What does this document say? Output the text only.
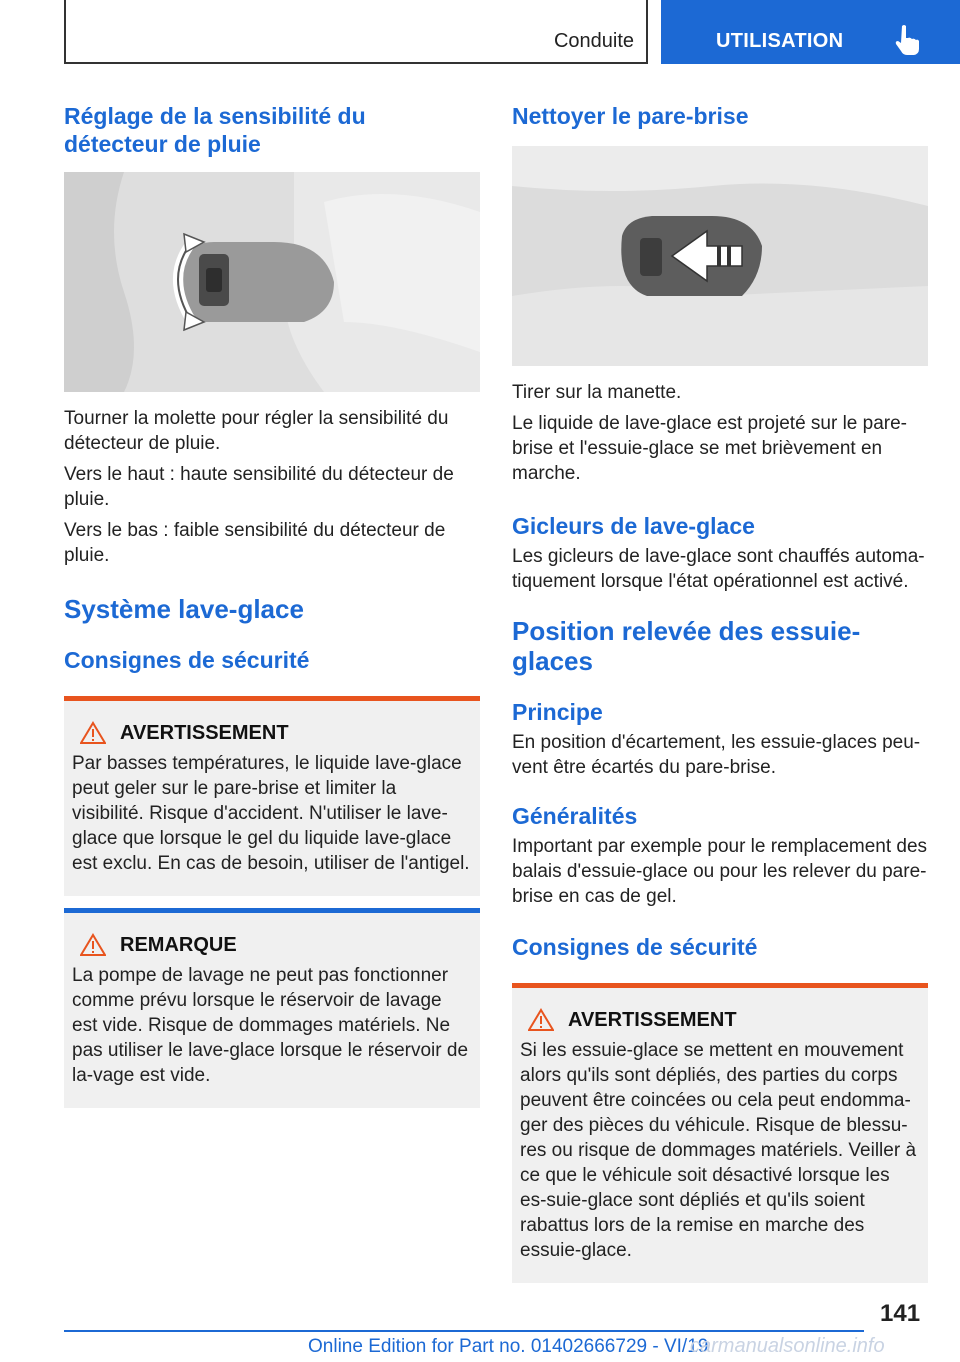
Conduite	UTILISATION
Réglage de la sensibilité du détecteur de pluie

Tourner la molette pour régler la sensibilité du détecteur de pluie.

Vers le haut : haute sensibilité du détecteur de pluie.

Vers le bas : faible sensibilité du détecteur de pluie.

Système lave-glace
Consignes de sécurité
AVERTISSEMENT

Par basses températures, le liquide lave-glace peut geler sur le pare-brise et limiter la visibilité. Risque d'accident. N'utiliser le lave-glace que lorsque le gel du liquide lave-glace est exclu. En cas de besoin, utiliser de l'antigel.

REMARQUE

La pompe de lavage ne peut pas fonctionner comme prévu lorsque le réservoir de lavage est vide. Risque de dommages matériels. Ne pas utiliser le lave-glace lorsque le réservoir de la-vage est vide.

Nettoyer le pare-brise

Tirer sur la manette.

Le liquide de lave-glace est projeté sur le pare-brise et l'essuie-glace se met brièvement en marche.

Gicleurs de lave-glace

Les gicleurs de lave-glace sont chauffés automa-tiquement lorsque l'état opérationnel est activé.

Position relevée des essuie-glaces
Principe

En position d'écartement, les essuie-glaces peu-vent être écartés du pare-brise.

Généralités

Important par exemple pour le remplacement des balais d'essuie-glace ou pour les relever du pare-brise en cas de gel.

Consignes de sécurité
AVERTISSEMENT

Si les essuie-glace se mettent en mouvement alors qu'ils sont dépliés, des parties du corps peuvent être coincées ou cela peut endomma-ger des pièces du véhicule. Risque de blessu-res ou risque de dommages matériels. Veiller à ce que le véhicule soit désactivé lorsque les es-suie-glace sont dépliés et qu'ils soient rabattus lors de la remise en marche des essuie-glace.

141
Online Edition for Part no. 01402666729 - VI/19
carmanualsonline.info
